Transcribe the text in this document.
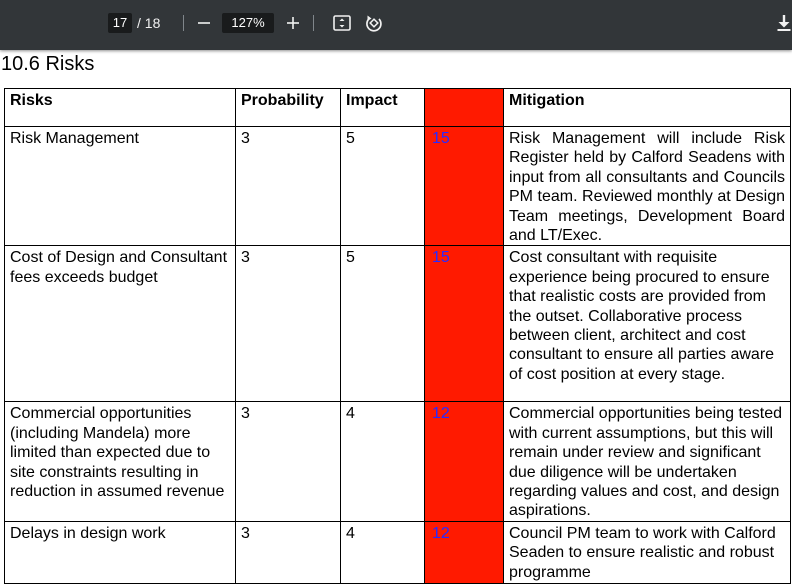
17 / 18	127%
10.6 Risks
Risks	Probability	Impact		Mitigation
Risk Management	3	5	15	Risk Management will include Risk Register held by Calford Seadens with input from all consultants and Councils PM team. Reviewed monthly at Design Team meetings, Development Board and LT/Exec.
Cost of Design and Consultant fees exceeds budget	3	5	15	Cost consultant with requisite experience being procured to ensure that realistic costs are provided from the outset. Collaborative process between client, architect and cost consultant to ensure all parties aware of cost position at every stage.
Commercial opportunities (including Mandela) more limited than expected due to site constraints resulting in reduction in assumed revenue	3	4	12	Commercial opportunities being tested with current assumptions, but this will remain under review and significant due diligence will be undertaken regarding values and cost, and design aspirations.
Delays in design work	3	4	12	Council PM team to work with Calford Seaden to ensure realistic and robust programme
